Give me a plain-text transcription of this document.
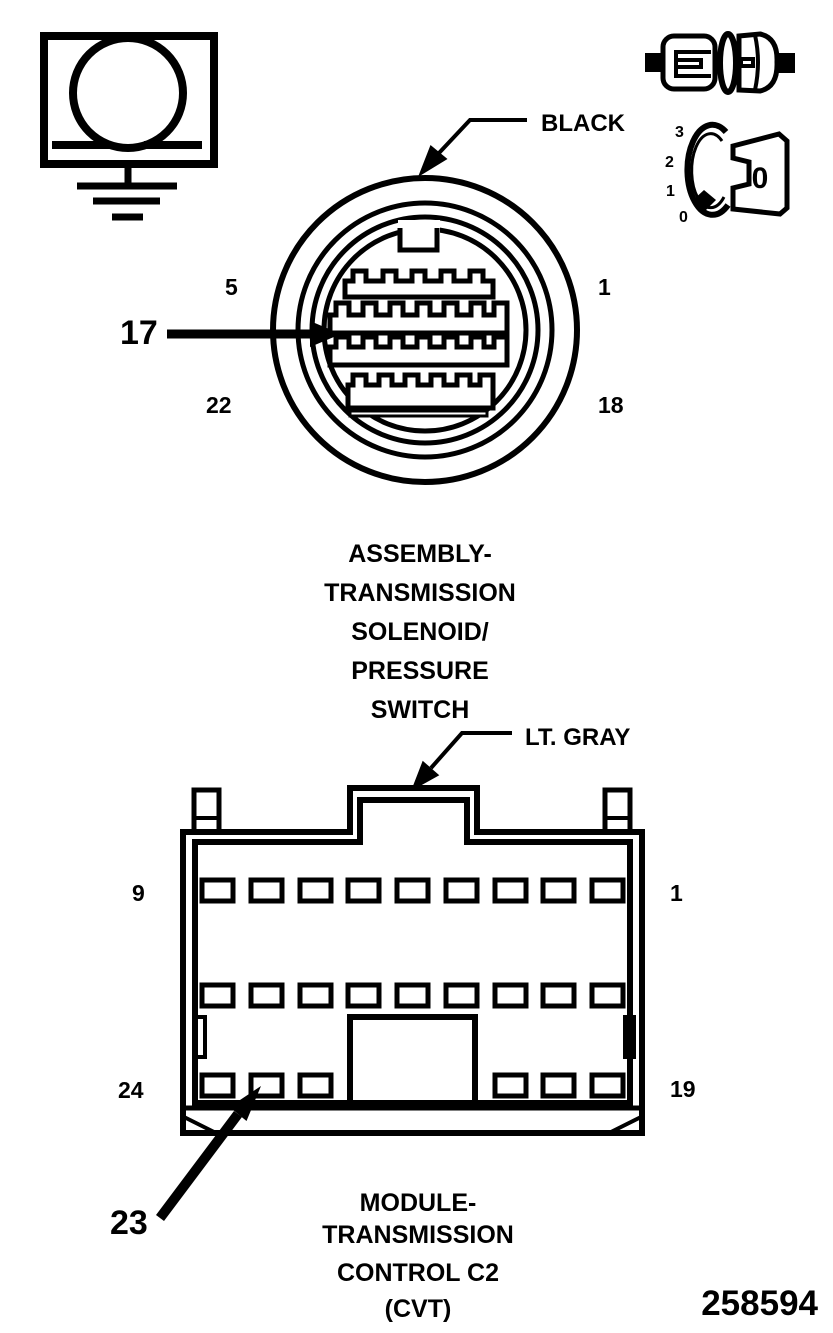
3
2
1
0
0
BLACK
5	1
22	18
17
ASSEMBLY-
TRANSMISSION
SOLENOID/
PRESSURE
SWITCH
LT. GRAY
9	1
24	19
23
MODULE-
TRANSMISSION
CONTROL C2
(CVT)	258594
